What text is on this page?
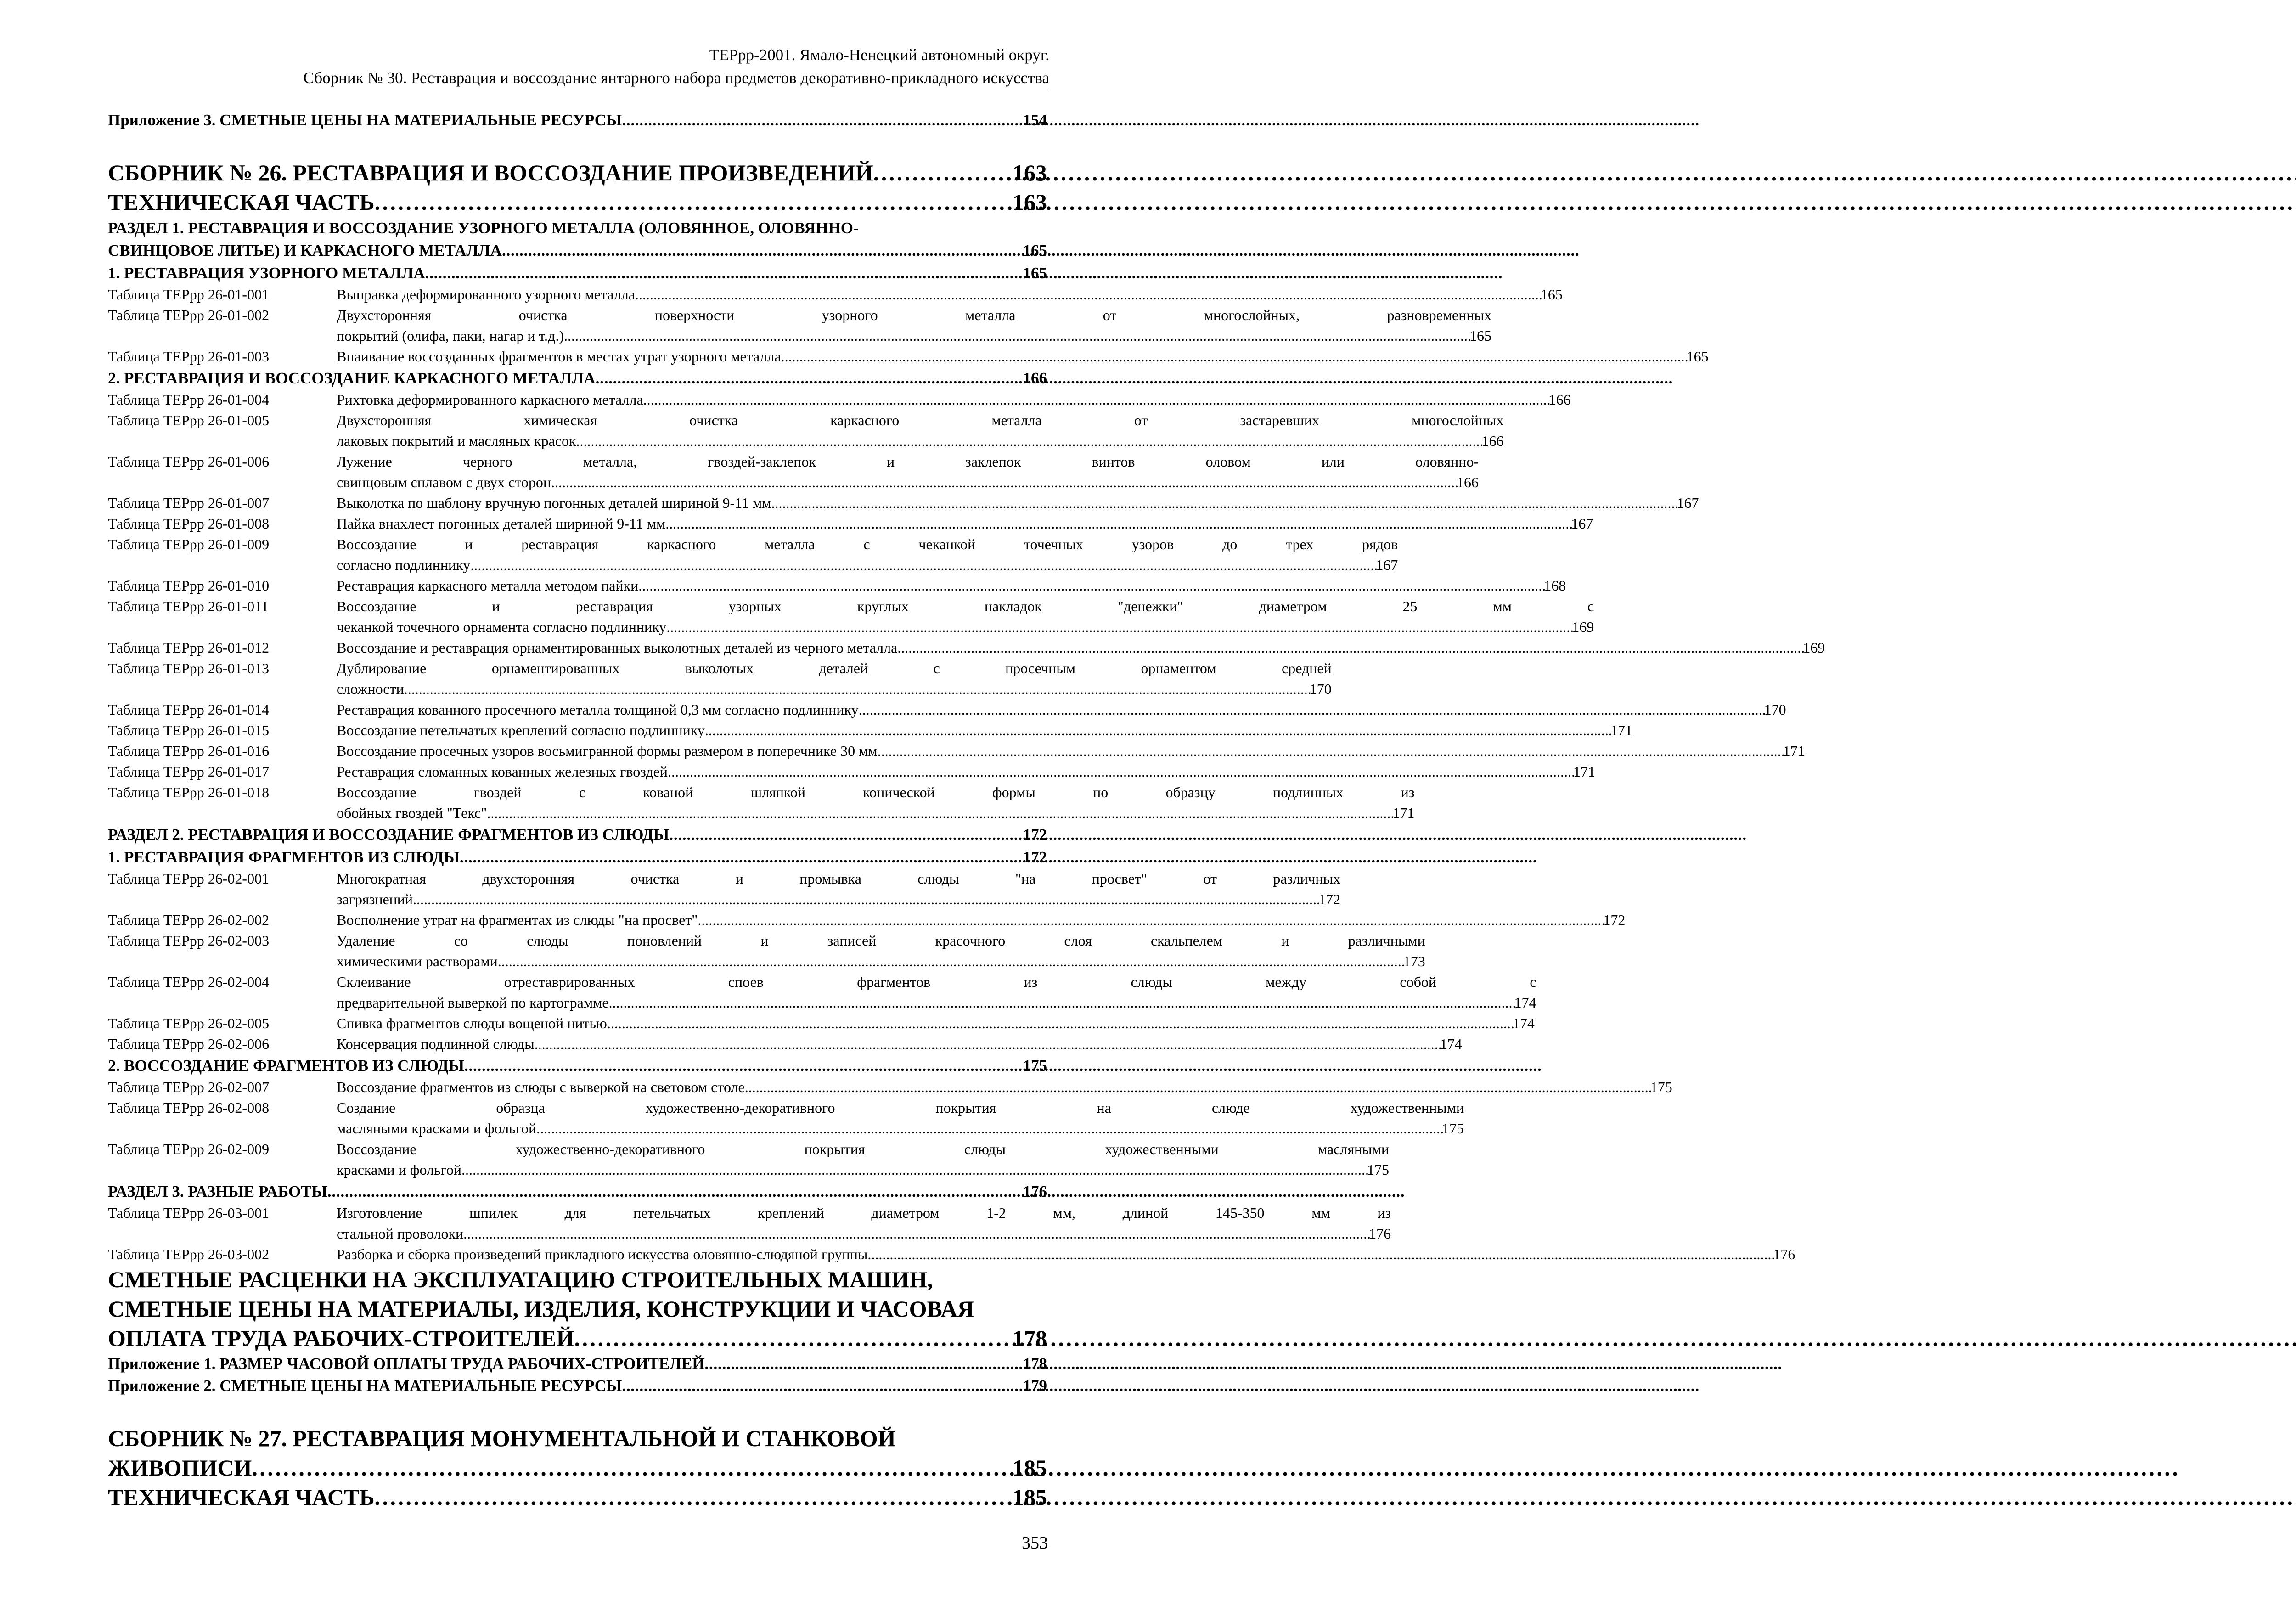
ТЕРрр-2001. Ямало-Ненецкий автономный округ.
Сборник № 30. Реставрация и воссоздание янтарного набора предметов декоративно-прикладного искусства
Приложение 3. СМЕТНЫЕ ЦЕНЫ НА МАТЕРИАЛЬНЫЕ РЕСУРСЫ . . .	154
СБОРНИК № 26. РЕСТАВРАЦИЯ И ВОССОЗДАНИЕ ПРОИЗВЕДЕНИЙ . . .	163
ТЕХНИЧЕСКАЯ ЧАСТЬ . . .	163
РАЗДЕЛ 1. РЕСТАВРАЦИЯ И ВОССОЗДАНИЕ УЗОРНОГО МЕТАЛЛА (ОЛОВЯННОЕ, ОЛОВЯННО-
СВИНЦОВОЕ ЛИТЬЕ) И КАРКАСНОГО МЕТАЛЛА . . .	165
1. РЕСТАВРАЦИЯ УЗОРНОГО МЕТАЛЛА . . .	165
Таблица ТЕРрр 26-01-001	Выправка деформированного узорного металла . . .	165
Таблица ТЕРрр 26-01-002	Двухсторонняя очистка поверхности узорного металла от многослойных, разновременных
покрытий (олифа, паки, нагар и т.д.) . . .	165
Таблица ТЕРрр 26-01-003	Впаивание воссозданных фрагментов в местах утрат узорного металла . . .	165
2. РЕСТАВРАЦИЯ И ВОССОЗДАНИЕ КАРКАСНОГО МЕТАЛЛА . . .	166
Таблица ТЕРрр 26-01-004	Рихтовка деформированного каркасного металла . . .	166
Таблица ТЕРрр 26-01-005	Двухсторонняя химическая очистка каркасного металла от застаревших многослойных
лаковых покрытий и масляных красок . . .	166
Таблица ТЕРрр 26-01-006	Лужение черного металла, гвоздей-заклепок и заклепок винтов оловом или оловянно-
свинцовым сплавом с двух сторон . . .	166
Таблица ТЕРрр 26-01-007	Выколотка по шаблону вручную погонных деталей шириной 9-11 мм . . .	167
Таблица ТЕРрр 26-01-008	Пайка внахлест погонных деталей шириной 9-11 мм . . .	167
Таблица ТЕРрр 26-01-009	Воссоздание и реставрация каркасного металла с чеканкой точечных узоров до трех рядов
согласно подлиннику . . .	167
Таблица ТЕРрр 26-01-010	Реставрация каркасного металла методом пайки . . .	168
Таблица ТЕРрр 26-01-011	Воссоздание и реставрация узорных круглых накладок "денежки" диаметром 25 мм с
чеканкой точечного орнамента согласно подлиннику . . .	169
Таблица ТЕРрр 26-01-012	Воссоздание и реставрация орнаментированных выколотных деталей из черного металла . . .	169
Таблица ТЕРрр 26-01-013	Дублирование орнаментированных выколотых деталей с просечным орнаментом средней
сложности . . .	170
Таблица ТЕРрр 26-01-014	Реставрация кованного просечного металла толщиной 0,3 мм согласно подлиннику . . .	170
Таблица ТЕРрр 26-01-015	Воссоздание петельчатых креплений согласно подлиннику . . .	171
Таблица ТЕРрр 26-01-016	Воссоздание просечных узоров восьмигранной формы размером в поперечнике 30 мм . . .	171
Таблица ТЕРрр 26-01-017	Реставрация сломанных кованных железных гвоздей . . .	171
Таблица ТЕРрр 26-01-018	Воссоздание гвоздей с кованой шляпкой конической формы по образцу подлинных из
обойных гвоздей "Текс" . . .	171
РАЗДЕЛ 2. РЕСТАВРАЦИЯ И ВОССОЗДАНИЕ ФРАГМЕНТОВ ИЗ СЛЮДЫ . . .	172
1. РЕСТАВРАЦИЯ ФРАГМЕНТОВ ИЗ СЛЮДЫ . . .	172
Таблица ТЕРрр 26-02-001	Многократная двухсторонняя очистка и промывка слюды "на просвет" от различных
загрязнений . . .	172
Таблица ТЕРрр 26-02-002	Восполнение утрат на фрагментах из слюды "на просвет" . . .	172
Таблица ТЕРрр 26-02-003	Удаление со слюды поновлений и записей красочного слоя скальпелем и различными
химическими растворами . . .	173
Таблица ТЕРрр 26-02-004	Склеивание отреставрированных споев фрагментов из слюды между собой с
предварительной выверкой по картограмме . . .	174
Таблица ТЕРрр 26-02-005	Спивка фрагментов слюды вощеной нитью . . .	174
Таблица ТЕРрр 26-02-006	Консервация подлинной слюды . . .	174
2. ВОССОЗДАНИЕ ФРАГМЕНТОВ ИЗ СЛЮДЫ . . .	175
Таблица ТЕРрр 26-02-007	Воссоздание фрагментов из слюды с выверкой на световом столе . . .	175
Таблица ТЕРрр 26-02-008	Создание образца художественно-декоративного покрытия на слюде художественными
масляными красками и фольгой . . .	175
Таблица ТЕРрр 26-02-009	Воссоздание художественно-декоративного покрытия слюды художественными масляными
красками и фольгой . . .	175
РАЗДЕЛ 3. РАЗНЫЕ РАБОТЫ . . .	176
Таблица ТЕРрр 26-03-001	Изготовление шпилек для петельчатых креплений диаметром 1-2 мм, длиной 145-350 мм из
стальной проволоки . . .	176
Таблица ТЕРрр 26-03-002	Разборка и сборка произведений прикладного искусства оловянно-слюдяной группы . . .	176
СМЕТНЫЕ РАСЦЕНКИ НА ЭКСПЛУАТАЦИЮ СТРОИТЕЛЬНЫХ МАШИН,
СМЕТНЫЕ ЦЕНЫ НА МАТЕРИАЛЫ, ИЗДЕЛИЯ, КОНСТРУКЦИИ И ЧАСОВАЯ
ОПЛАТА ТРУДА РАБОЧИХ-СТРОИТЕЛЕЙ . . .	178
Приложение 1. РАЗМЕР ЧАСОВОЙ ОПЛАТЫ ТРУДА РАБОЧИХ-СТРОИТЕЛЕЙ . . .	178
Приложение 2. СМЕТНЫЕ ЦЕНЫ НА МАТЕРИАЛЬНЫЕ РЕСУРСЫ . . .	179
СБОРНИК № 27. РЕСТАВРАЦИЯ МОНУМЕНТАЛЬНОЙ И СТАНКОВОЙ
ЖИВОПИСИ . . .	185
ТЕХНИЧЕСКАЯ ЧАСТЬ . . .	185
353
